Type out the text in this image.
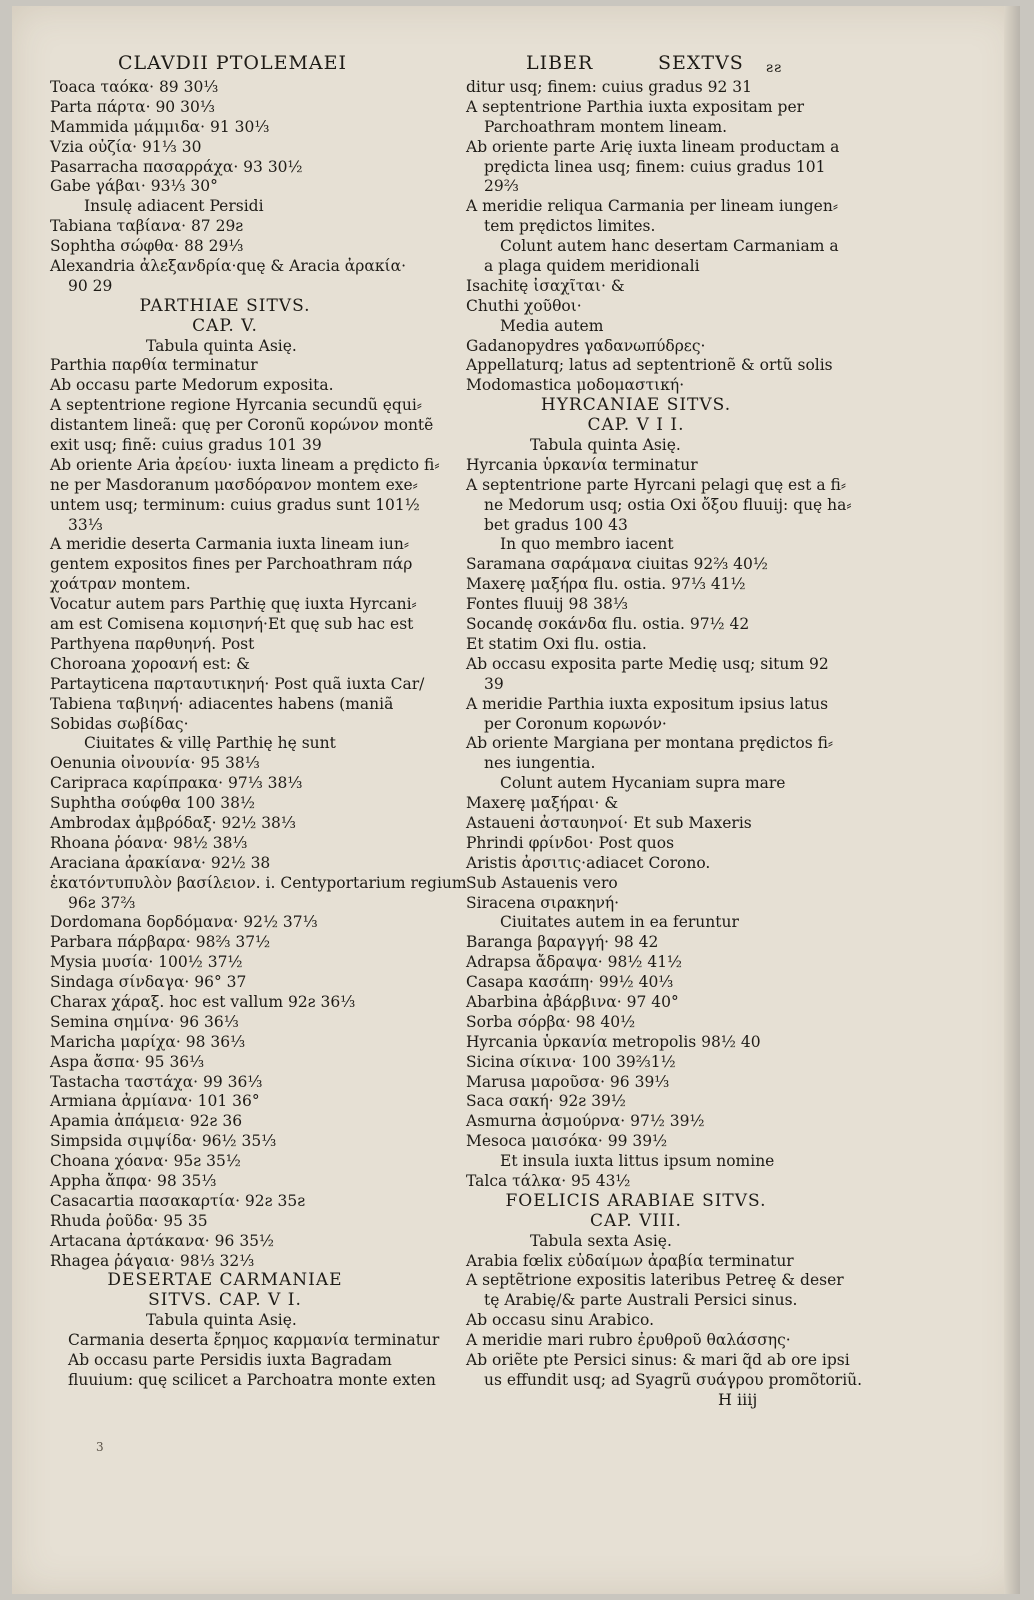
CLAVDII PTOLEMAEI	LIBER	SEXTVS ƨƨ
Toaca ταόκα· 89 30⅓
Parta πάρτα· 90 30⅓
Mammida μάμμιδα· 91 30⅓
Vzia οὐζία· 91⅓ 30
Pasarracha πασαρράχα· 93 30½
Gabe γάβαι· 93⅓ 30°
Insulę adiacent Persidi
Tabiana ταβίανα· 87 29ƨ
Sophtha σώφθα· 88 29⅓
Alexandria ἀλεξανδρία·quę & Aracia ἀρακία·
90 29
PARTHIAE SITVS.
CAP. V.
Tabula quinta Asię.
Parthia παρθία terminatur
Ab occasu parte Medorum exposita.
A septentrione regione Hyrcania secundũ ęqui⸗
distantem lineã: quę per Coronũ κορώνον montẽ
exit usq; finẽ: cuius gradus 101 39
Ab oriente Aria ἀρείου· iuxta lineam a prędicto fi⸗
ne per Masdoranum μασδόρανον montem exe⸗
untem usq; terminum: cuius gradus sunt 101½
33⅓
A meridie deserta Carmania iuxta lineam iun⸗
gentem expositos fines per Parchoathram πάρ
χοάτραν montem.
Vocatur autem pars Parthię quę iuxta Hyrcani⸗
am est Comisena κομισηνή·Et quę sub hac est
Parthyena παρθυηνή. Post
Choroana χοροανή est: &
Partayticena παρταυτικηνή· Post quã iuxta Car/
Tabiena ταβιηνή· adiacentes habens (maniã
Sobidas σωβίδας·
Ciuitates & villę Parthię hę sunt
Oenunia οἰνουνία· 95 38⅓
Caripraca καρίπρακα· 97⅓ 38⅓
Suphtha σούφθα 100 38½
Ambrodax ἀμβρόδαξ· 92½ 38⅓
Rhoana ῥόανα· 98½ 38⅓
Araciana ἀρακίανα· 92½ 38
ἑκατόντυπυλὸν βασίλειον. i. Centyportarium regium
96ƨ 37⅔
Dordomana δορδόμανα· 92½ 37⅓
Parbara πάρβαρα· 98⅔ 37½
Mysia μυσία· 100½ 37½
Sindaga σίνδαγα· 96° 37
Charax χάραξ. hoc est vallum 92ƨ 36⅓
Semina σημίνα· 96 36⅓
Maricha μαρίχα· 98 36⅓
Aspa ἄσπα· 95 36⅓
Tastacha ταστάχα· 99 36⅓
Armiana ἀρμίανα· 101 36°
Apamia ἀπάμεια· 92ƨ 36
Simpsida σιμψίδα· 96½ 35⅓
Choana χόανα· 95ƨ 35½
Appha ἄπφα· 98 35⅓
Casacartia πασακαρτία· 92ƨ 35ƨ
Rhuda ῥοῦδα· 95 35
Artacana ἀρτάκανα· 96 35½
Rhagea ῥάγαια· 98⅓ 32⅓
DESERTAE CARMANIAE
SITVS. CAP. V I.
Tabula quinta Asię.
Carmania deserta ἔρημος καρμανία terminatur
Ab occasu parte Persidis iuxta Bagradam
fluuium: quę scilicet a Parchoatra monte exten
ditur usq; finem: cuius gradus 92 31
A septentrione Parthia iuxta expositam per
Parchoathram montem lineam.
Ab oriente parte Arię iuxta lineam productam a
prędicta linea usq; finem: cuius gradus 101
29⅔
A meridie reliqua Carmania per lineam iungen⸗
tem prędictos limites.
Colunt autem hanc desertam Carmaniam a
a plaga quidem meridionali
Isachitę ἰσαχῖται· &
Chuthi χοῦθοι·
Media autem
Gadanopydres γαδανωπύδρες·
Appellaturq; latus ad septentrionẽ & ortũ solis
Modomastica μοδομαστική·
HYRCANIAE SITVS.
CAP. V I I.
Tabula quinta Asię.
Hyrcania ὑρκανία terminatur
A septentrione parte Hyrcani pelagi quę est a fi⸗
ne Medorum usq; ostia Oxi ὄξου fluuij: quę ha⸗
bet gradus 100 43
In quo membro iacent
Saramana σαράμανα ciuitas 92⅔ 40½
Maxerę μαξήρα flu. ostia. 97⅓ 41½
Fontes fluuij 98 38⅓
Socandę σοκάνδα flu. ostia. 97½ 42
Et statim Oxi flu. ostia.
Ab occasu exposita parte Medię usq; situm 92
39
A meridie Parthia iuxta expositum ipsius latus
per Coronum κορωνόν·
Ab oriente Margiana per montana prędictos fi⸗
nes iungentia.
Colunt autem Hycaniam supra mare
Maxerę μαξήραι· &
Astaueni ἀσταυηνοί· Et sub Maxeris
Phrindi φρίνδοι· Post quos
Aristis ἀρσιτις·adiacet Corono.
Sub Astauenis vero
Siracena σιρακηνή·
Ciuitates autem in ea feruntur
Baranga βαραγγή· 98 42
Adrapsa ἄδραψα· 98½ 41½
Casapa κασάπη· 99½ 40⅓
Abarbina ἀβάρβινα· 97 40°
Sorba σόρβα· 98 40½
Hyrcania ὑρκανία metropolis 98½ 40
Sicina σίκινα· 100 39⅔1½
Marusa μαροῦσα· 96 39⅓
Saca σακή· 92ƨ 39½
Asmurna ἀσμούρνα· 97½ 39½
Mesoca μαισόκα· 99 39½
Et insula iuxta littus ipsum nomine
Talca τάλκα· 95 43½
FOELICIS ARABIAE SITVS.
CAP. VIII.
Tabula sexta Asię.
Arabia fœlix εὐδαίμων ἀραβία terminatur
A septẽtrione expositis lateribus Petreę & deser
tę Arabię/& parte Australi Persici sinus.
Ab occasu sinu Arabico.
A meridie mari rubro ἐρυθροῦ θαλάσσης·
Ab oriẽte pte Persici sinus: & mari q̃d ab ore ipsi
us effundit usq; ad Syagrũ συάγρου promõtoriũ.
H iiij
3
